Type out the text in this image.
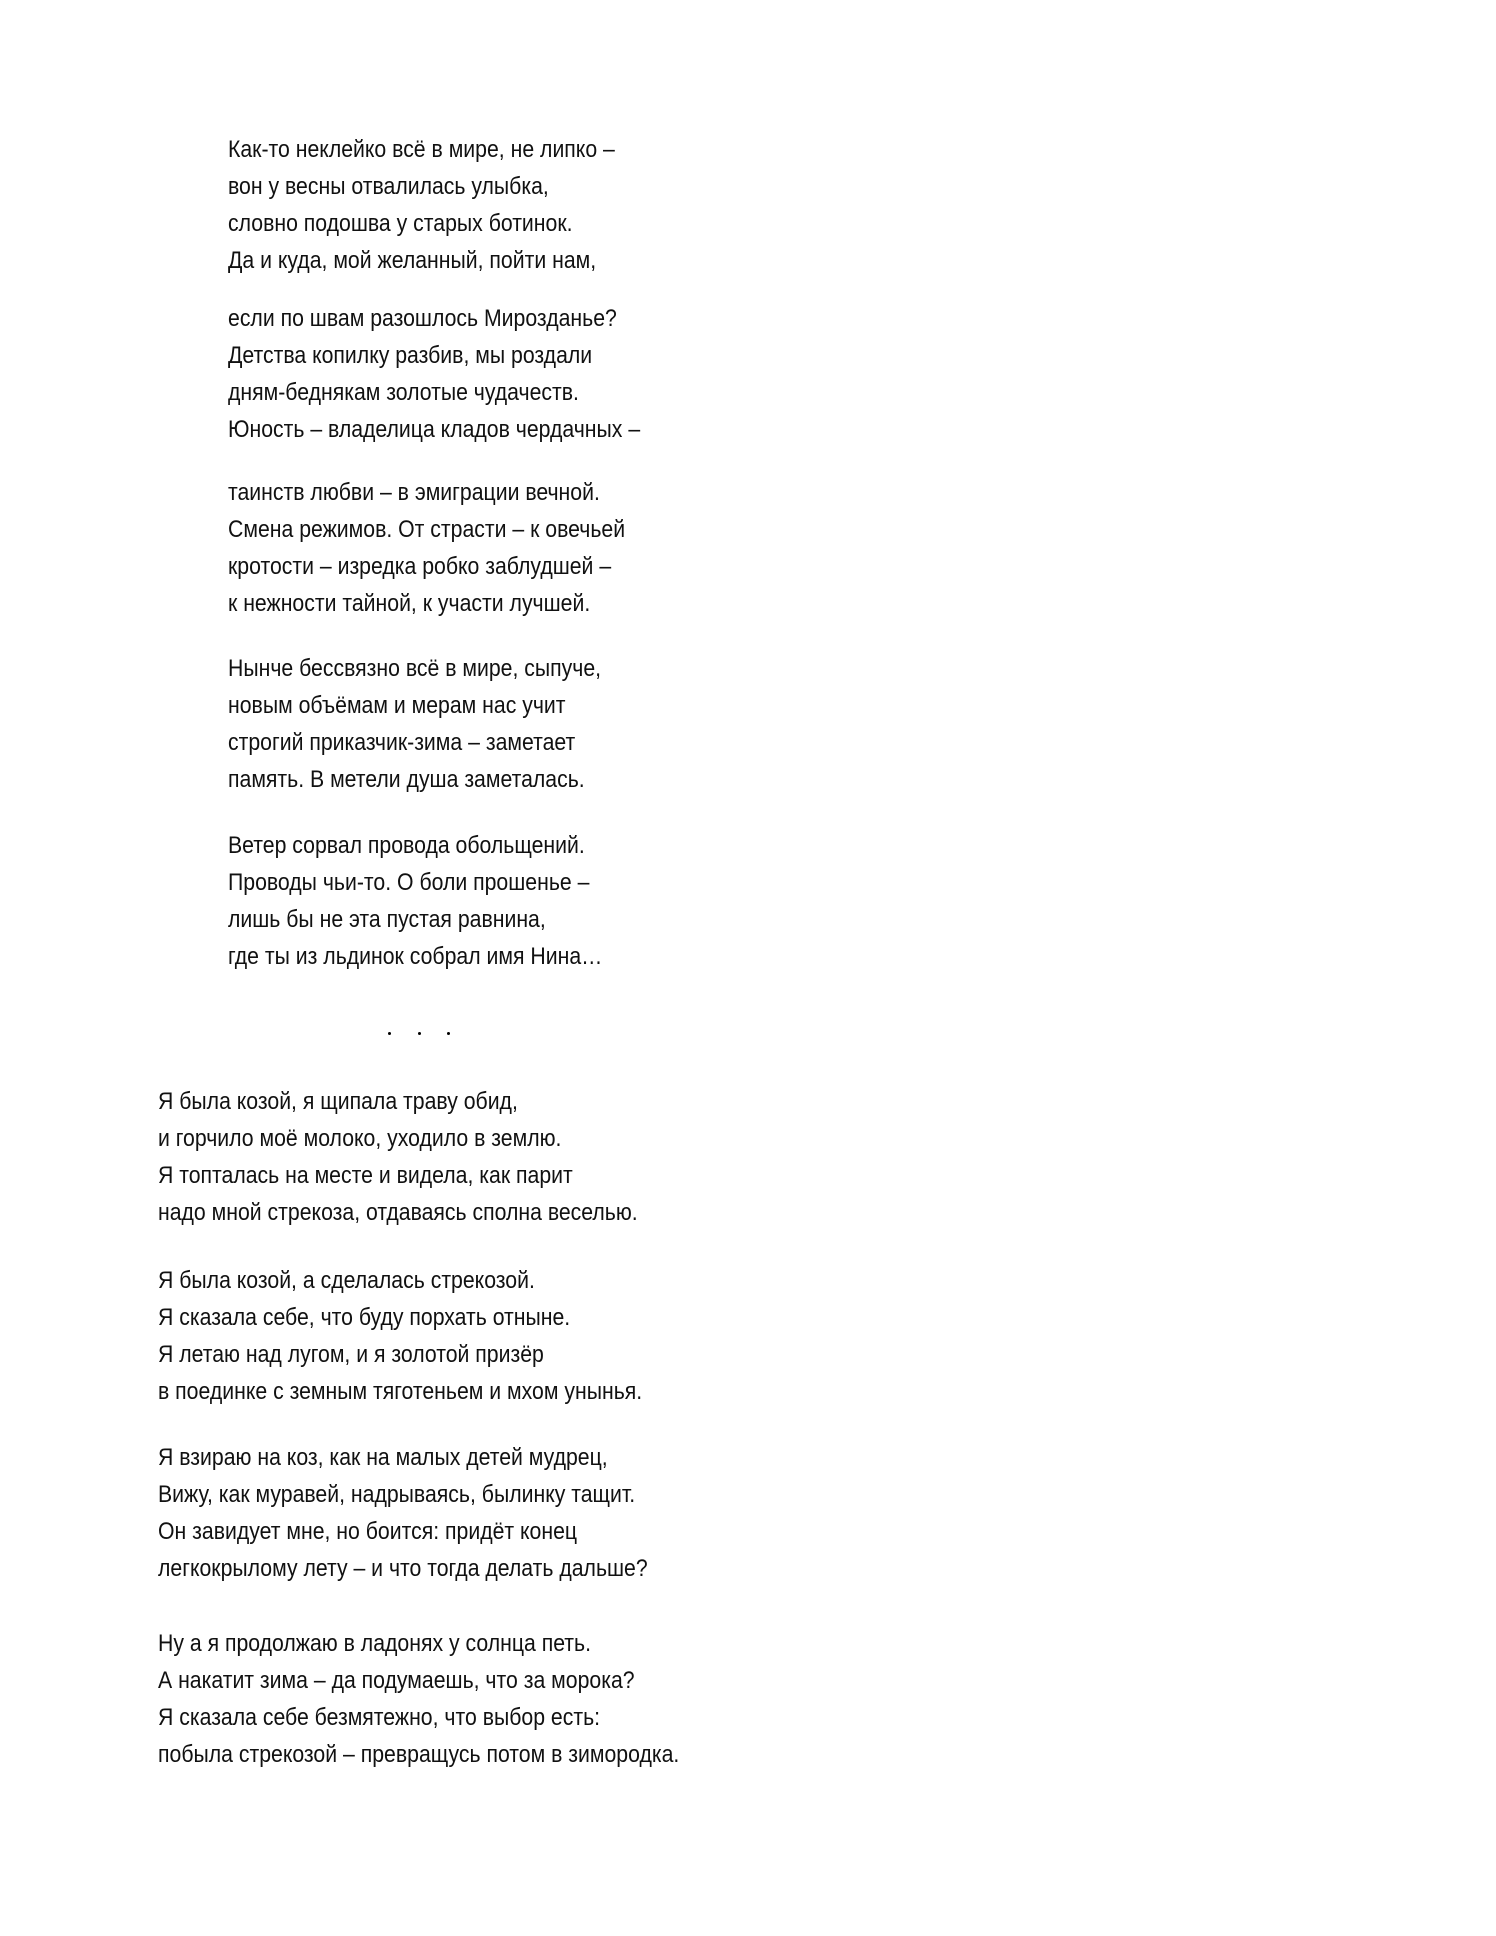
Как-то неклейко всё в мире, не липко –
вон у весны отвалилась улыбка,
словно подошва у старых ботинок.
Да и куда, мой желанный, пойти нам,
если по швам разошлось Мирозданье?
Детства копилку разбив, мы роздали
дням-беднякам золотые чудачеств.
Юность – владелица кладов чердачных –
таинств любви – в эмиграции вечной.
Смена режимов. От страсти – к овечьей
кротости – изредка робко заблудшей –
к нежности тайной, к участи лучшей.
Нынче бессвязно всё в мире, сыпуче,
новым объёмам и мерам нас учит
строгий приказчик-зима – заметает
память. В метели душа заметалась.
Ветер сорвал провода обольщений.
Проводы чьи-то. О боли прошенье –
лишь бы не эта пустая равнина,
где ты из льдинок собрал имя Нина…
Я была козой, я щипала траву обид,
и горчило моё молоко, уходило в землю.
Я топталась на месте и видела, как парит
надо мной стрекоза, отдаваясь сполна веселью.
Я была козой, а сделалась стрекозой.
Я сказала себе, что буду порхать отныне.
Я летаю над лугом, и я золотой призёр
в поединке с земным тяготеньем и мхом унынья.
Я взираю на коз, как на малых детей мудрец,
Вижу, как муравей, надрываясь, былинку тащит.
Он завидует мне, но боится: придёт конец
легкокрылому лету – и что тогда делать дальше?
Ну а я продолжаю в ладонях у солнца петь.
А накатит зима – да подумаешь, что за морока?
Я сказала себе безмятежно, что выбор есть:
побыла стрекозой – превращусь потом в зимородка.
